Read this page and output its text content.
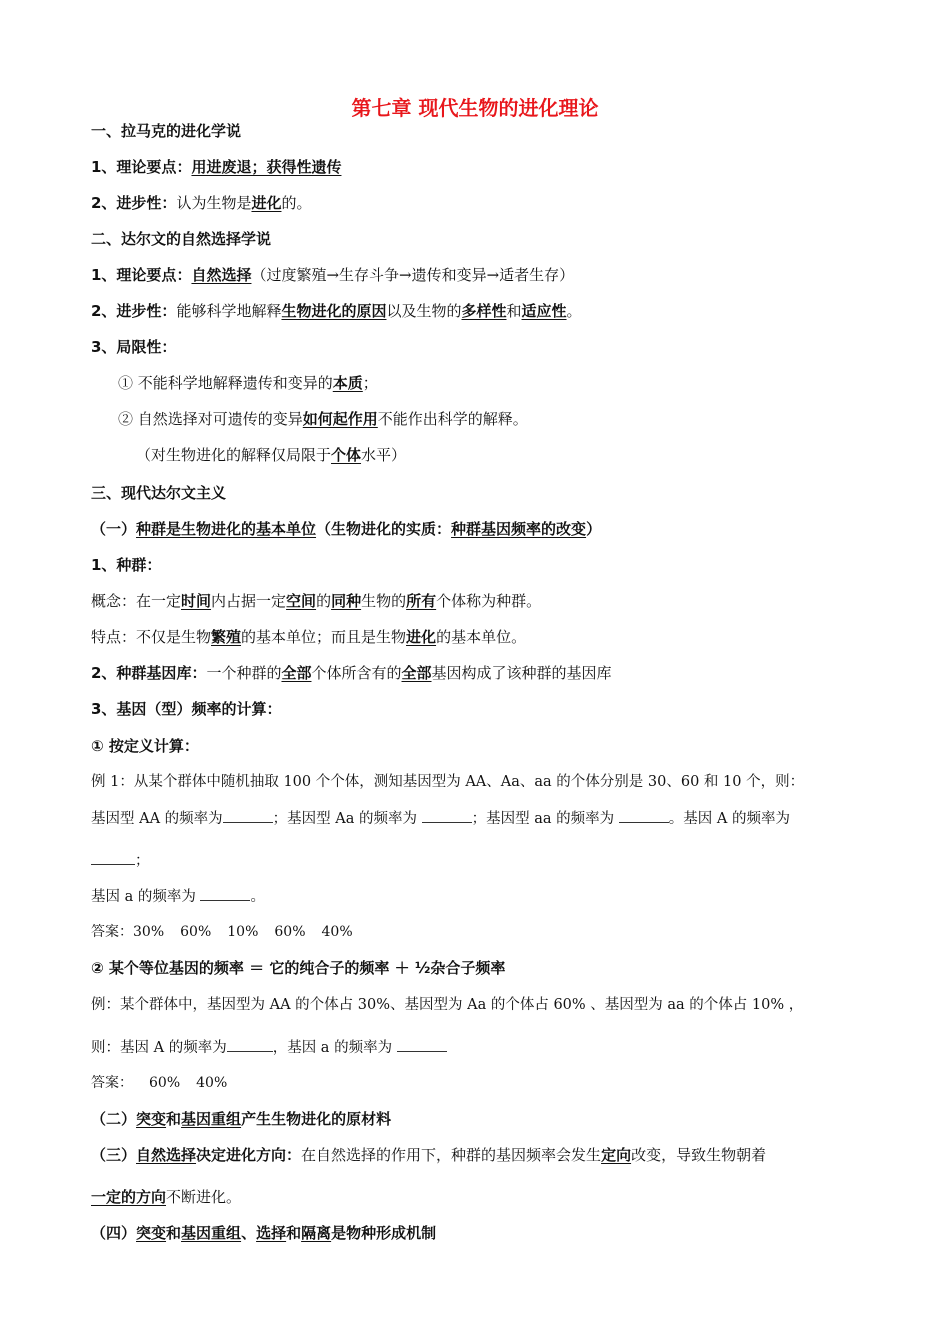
第七章 现代生物的进化理论
一、拉马克的进化学说
1、理论要点：用进废退；获得性遗传
2、进步性：认为生物是进化的。
二、达尔文的自然选择学说
1、理论要点：自然选择（过度繁殖→生存斗争→遗传和变异→适者生存）
2、进步性：能够科学地解释生物进化的原因以及生物的多样性和适应性。
3、局限性：
① 不能科学地解释遗传和变异的本质；
② 自然选择对可遗传的变异如何起作用不能作出科学的解释。
（对生物进化的解释仅局限于个体水平）
三、现代达尔文主义
（一）种群是生物进化的基本单位（生物进化的实质：种群基因频率的改变）
1、种群：
概念：在一定时间内占据一定空间的同种生物的所有个体称为种群。
特点：不仅是生物繁殖的基本单位；而且是生物进化的基本单位。
2、种群基因库：一个种群的全部个体所含有的全部基因构成了该种群的基因库
3、基因（型）频率的计算：
① 按定义计算：
例 1：从某个群体中随机抽取 100 个个体，测知基因型为 AA、Aa、aa 的个体分别是 30、60 和 10 个，则：
基因型 AA 的频率为	；基因型 Aa 的频率为	；基因型 aa 的频率为	。基因 A 的频率为
；
基因 a 的频率为	。
答案：30% 60% 10% 60% 40%
② 某个等位基因的频率 ＝ 它的纯合子的频率 ＋ ½杂合子频率
例：某个群体中，基因型为 AA 的个体占 30%、基因型为 Aa 的个体占 60% 、基因型为 aa 的个体占 10% ，
则：基因 A 的频率为	，基因 a 的频率为
答案： 60% 40%
（二）突变和基因重组产生生物进化的原材料
（三）自然选择决定进化方向：在自然选择的作用下，种群的基因频率会发生定向改变，导致生物朝着
一定的方向不断进化。
（四）突变和基因重组、选择和隔离是物种形成机制
